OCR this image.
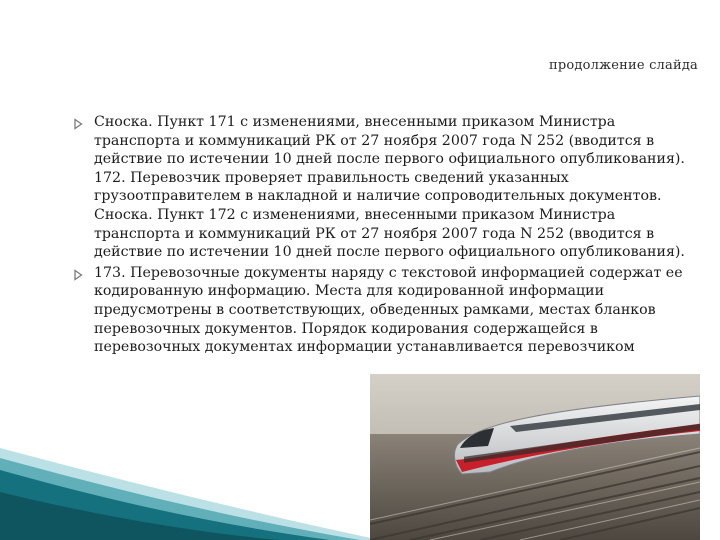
продолжение слайда

Сноска. Пункт 171 с изменениями, внесенными приказом Министра
транспорта и коммуникаций РК от 27 ноября 2007 года N 252 (вводится в
действие по истечении 10 дней после первого официального опубликования).
172. Перевозчик проверяет правильность сведений указанных
грузоотправителем в накладной и наличие сопроводительных документов.
Сноска. Пункт 172 с изменениями, внесенными приказом Министра
транспорта и коммуникаций РК от 27 ноября 2007 года N 252 (вводится в
действие по истечении 10 дней после первого официального опубликования).

173. Перевозочные документы наряду с текстовой информацией содержат ее
кодированную информацию. Места для кодированной информации
предусмотрены в соответствующих, обведенных рамками, местах бланков
перевозочных документов. Порядок кодирования содержащейся в
перевозочных документах информации устанавливается перевозчиком
